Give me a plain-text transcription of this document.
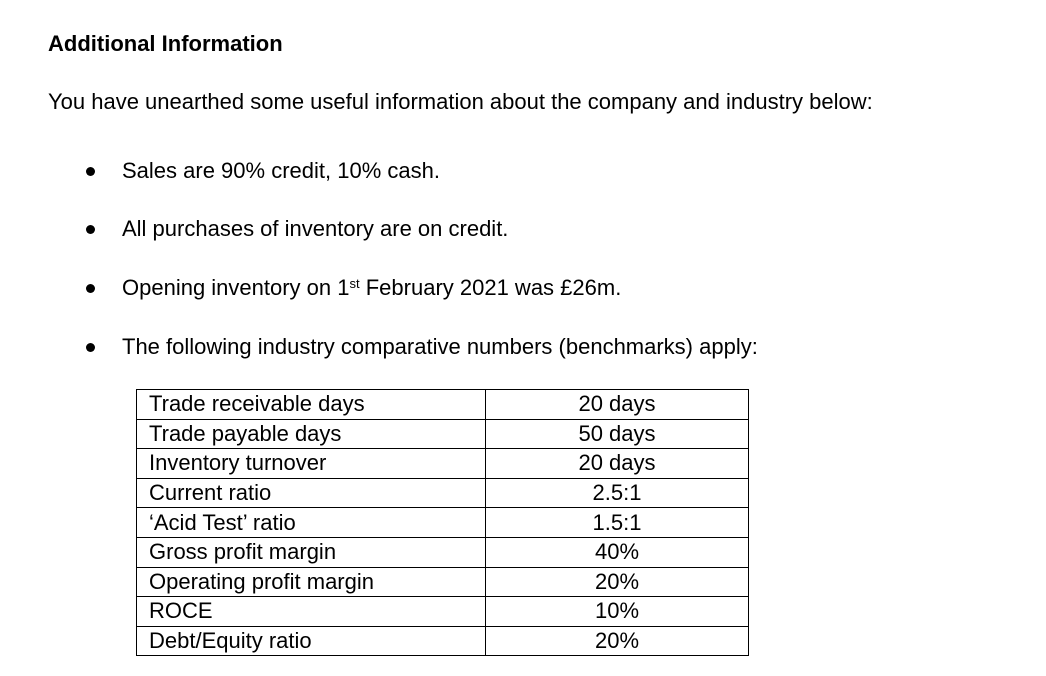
Additional Information

You have unearthed some useful information about the company and industry below:

Sales are 90% credit, 10% cash.
All purchases of inventory are on credit.
Opening inventory on 1st February 2021 was £26m.
The following industry comparative numbers (benchmarks) apply:
Trade receivable days	20 days
Trade payable days	50 days
Inventory turnover	20 days
Current ratio	2.5:1
‘Acid Test’ ratio	1.5:1
Gross profit margin	40%
Operating profit margin	20%
ROCE	10%
Debt/Equity ratio	20%
